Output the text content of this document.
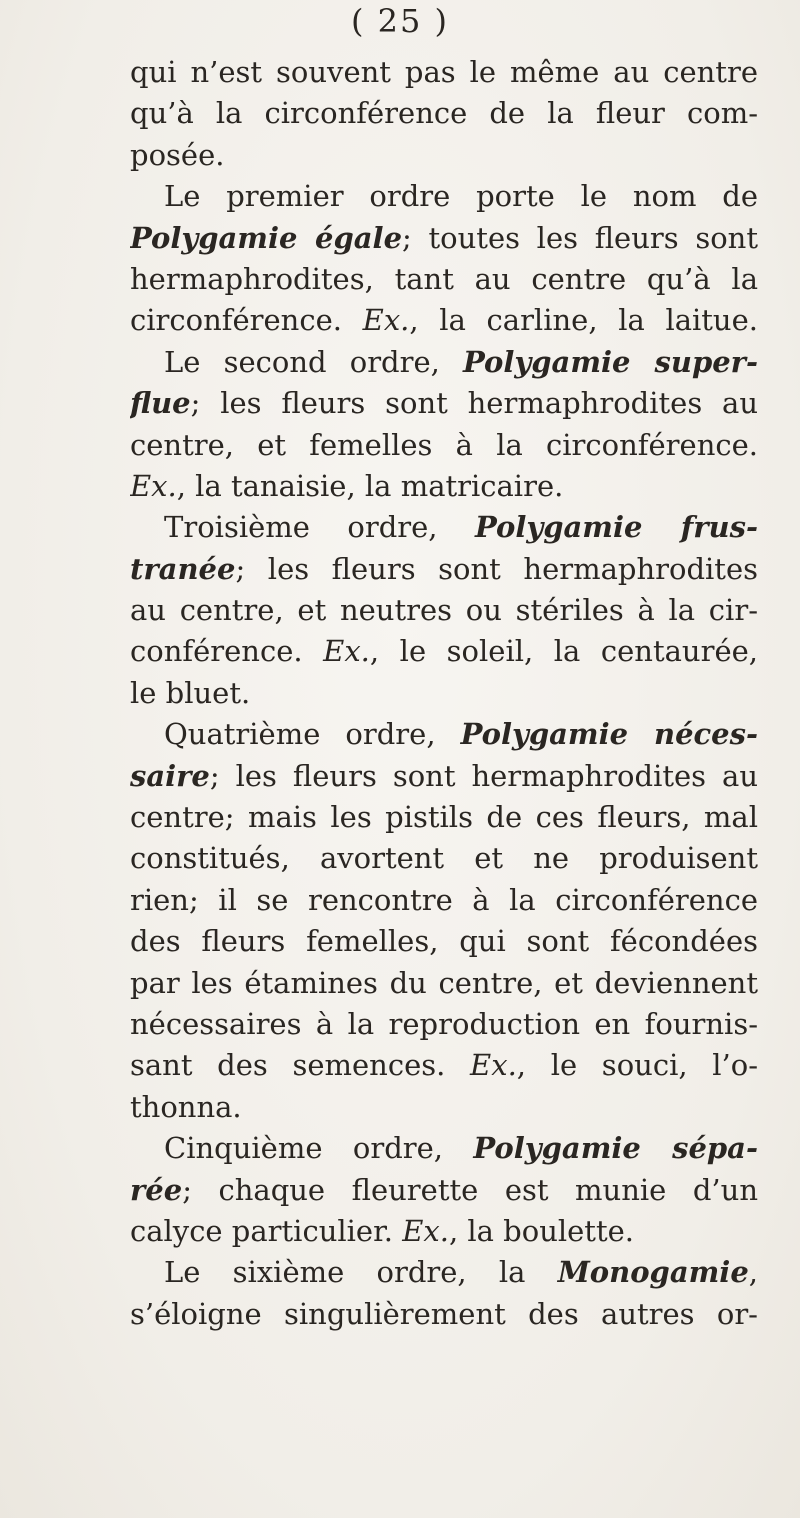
( 25 )
qui n’est souvent pas le même au centre
qu’à la circonférence de la fleur com-
posée.
Le premier ordre porte le nom de
Polygamie égale; toutes les fleurs sont
hermaphrodites, tant au centre qu’à la
circonférence. Ex., la carline, la laitue.
Le second ordre, Polygamie super-
flue; les fleurs sont hermaphrodites au
centre, et femelles à la circonférence.
Ex., la tanaisie, la matricaire.
Troisième ordre, Polygamie frus-
tranée; les fleurs sont hermaphrodites
au centre, et neutres ou stériles à la cir-
conférence. Ex., le soleil, la centaurée,
le bluet.
Quatrième ordre, Polygamie néces-
saire; les fleurs sont hermaphrodites au
centre; mais les pistils de ces fleurs, mal
constitués, avortent et ne produisent
rien; il se rencontre à la circonférence
des fleurs femelles, qui sont fécondées
par les étamines du centre, et deviennent
nécessaires à la reproduction en fournis-
sant des semences. Ex., le souci, l’o-
thonna.
Cinquième ordre, Polygamie sépa-
rée; chaque fleurette est munie d’un
calyce particulier. Ex., la boulette.
Le sixième ordre, la Monogamie,
s’éloigne singulièrement des autres or-
